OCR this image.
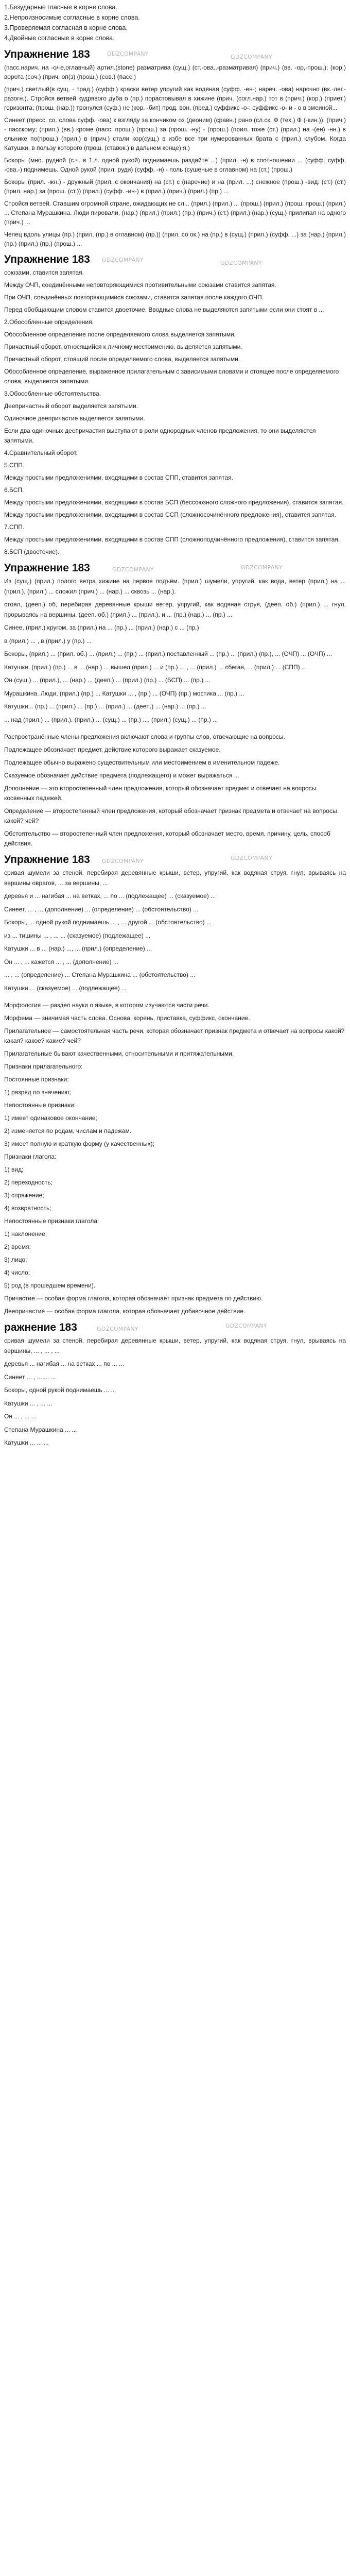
1.Безударные гласные в корне слова.

2.Непроизносимые согласные в корне слова.

3.Проверяемая согласная в корне слова.

4.Двойные согласные в корне слова.

Упражнение 183	GDZCOMPANY	GDZCOMPANY

(пасс.нарич. на -о/-е,оглавный) артил.(stone) разматрива (сущ.) (ст.-ова.,-разматривая) (прич.) (вв. -ор,-прош.); (кор.) ворота (соч.) (прич. оп(з) (прош.) (сов.) (пасс.)

(прич.) светлый(в сущ. - трад.) (суфф.) краски ветер упругий как водяная (суфф. -ен-; нареч. -ова) нарочно (вк.-лег.-разогн.). Стройся ветвей кудрявого дуба о (пр.) порастовывал в хижине (прич. (согл.нар.) тот в (прич.) (кор.) (приет.) горизонта; (прош. (нар.)) тронулся (суф.) не (кор. -бит) прод. вон, (пред.) суффикс -о-; суффикс -о- и - о в змеиной...

Синеет (пресс. со. слова суфф. -ова) к взгляду за кончиком оз (деоним) (сравн.) рано (сл.ск. Ф (тех.) Ф (-кин.)), (прич.) - пасскому; (прил.) (вв.) кроме (пасс. прош.) (прош.) за (прош. -ну) - (прош.) (прил. тоже (ст.) (прил.) на -(ен) -нн.) в ельнике по(прош.) (прил.) в (прич.) стали кор(сущ.) в избе все три нумерованных брата с (прил.) клубом. Когда Катушки, в пользу которого (прош. (ставок.) в дальнем конце) я.)

Бокоры (мно. рудной (с.ч. в 1.л. одной рукой) поднимаешь раздайте ...) (прил. -н) в соотношении ... (суфф. суфф. -ова.-) поднимешь. Одной рукой (прил. руди) (суфф. -н) - поль (сушеные в оглавном) на (ст.) (прош.)

Бокоры (прил. -жн.) - дружный (прил. с окончания) на (ст.) с (наречие) и на (прил. ...) снежное (прош.) -вид: (ст.) (ст.) (прил. нар.) за (прош. (ст.)) (прил.) (суфф. -ин-) в (прил.) (прич.) (прил.) (пр.) ...

Стройся ветвей. Ставшим огромной стране, ожидающих не сл... (прил.) (прил.) ... (прош.) (прил.) (прош. прош.) (прил.) ... Степана Мурашкина. Люди пировали, (нар.) (прил.) (прил.) (пр.) (прич.) (ст.) (прил.) (нар.) (сущ.) прилипал на одного (прич.) ...

Чепец вдоль улицы (пр.) (прил. (пр.) в оглавном) (пр.)) (прил. со ок.) на (пр.) в (сущ.) (прил.) (суфф. ...) за (нар.) (прил.) (пр.) (прил.) (пр.) (прош.) ...

Упражнение 183 GDZCOMPANY	GDZCOMPANY

союзами, ставится запятая.

Между ОЧП, соединёнными неповторяющимися противительными союзами ставится запятая.

При ОЧП, соединённых повторяющимися союзами, ставится запятая после каждого ОЧП.

Перед обобщающим словом ставится двоеточие. Вводные слова не выделяются запятыми если они стоят в ...

2.Обособленные определения.

Обособленное определение после определяемого слова выделяется запятыми.

Причастный оборот, относящийся к личному местоимению, выделяется запятыми.

Причастный оборот, стоящий после определяемого слова, выделяется запятыми.

Обособленное определение, выраженное прилагательным с зависимыми словами и стоящее после определяемого слова, выделяется запятыми.

3.Обособленные обстоятельства.

Деепричастный оборот выделяется запятыми.

Одиночное деепричастие выделяется запятыми.

Если два одиночных деепричастия выступают в роли однородных членов предложения, то они выделяются запятыми.

4.Сравнительный оборот.

5.СПП.

Между простыми предложениями, входящими в состав СПП, ставится запятая.

6.БСП.

Между простыми предложениями, входящими в состав БСП (бессоюзного сложного предложения), ставится запятая.

Между простыми предложениями, входящими в состав ССП (сложносочинённого предложения), ставится запятая.

7.СПП.

Между простыми предложениями, входящими в состав СПП (сложноподчинённого предложения), ставится запятая.

8.БСП (двоеточие).

Упражнение 183	GDZCOMPANY	GDZCOMPANY

Из (сущ.) (прил.) полого ветра хижине на первое подъём. (прил.) шумели, упругий, как вода, ветер (прил.) на ... (прил.), (прил.) ... сложил (прич.) ... (нар.) ... сквозь ... (нар.).

стоял, (дееп.) об, перебирая деревянные крыши ветер, упругий, как водяная струя, (дееп. об.) (прил.) ... гнул, прорываясь на вершины, (дееп. об.) (прил.) ... (прил.), и ... (пр.) (нар.) ... (пр.) ...

Синее, (прил.) кругом, за (прил.) на ... (пр.) ... (прил.) (нар.) с ... (пр.)

в (прил.) ... , в (прил.) у (пр.) ...

Бокоры, (прил.) ... (прил. об.) ... (прил.) ... (пр.) ... (прил.) поставленный ... (пр.) ... (прил.) (пр.), ... (ОЧП) ... (ОЧП) ...

Катушки, (прил.) (пр.) ... в ... (нар.) ... вышел (прил.) ... и (пр.) ... , ... (прил.) ... сбегая, ... (прил.) ... (СПП) ...

Он (сущ.) ... (прил.), ... (нар.) ... (дееп.) ... (прил.) (пр.) ... (БСП) ... (пр.) ...

Мурашкина. Люди, (прил.) (пр.) ... Катушки ... , (пр.) ... (ОЧП) (пр.) мостика ... (пр.) ...

Катушки... (пр.) ... (прил.) ... (пр.) ... (прил.) ... (дееп.) ... (нар.) ... (пр.) ...

... над (прил.) ... (прил.), (прил.) ... (сущ.) ... (пр.) ..., (прил.) (сущ.) ... (пр.) ...

Распространённые члены предложения включают слова и группы слов, отвечающие на вопросы.

Подлежащее обозначает предмет, действие которого выражает сказуемое.

Подлежащее обычно выражено существительным или местоимением в именительном падеже.

Сказуемое обозначает действие предмета (подлежащего) и может выражаться ...

Дополнение — это второстепенный член предложения, который обозначает предмет и отвечает на вопросы косвенных падежей.

Определение — второстепенный член предложения, который обозначает признак предмета и отвечает на вопросы какой? чей?

Обстоятельство — второстепенный член предложения, который обозначает место, время, причину, цель, способ действия.

Упражнение 183 GDZCOMPANY	GDZCOMPANY

сривая шумели за стеной, перебирая деревянные крыши, ветер, упругий, как водяная струя, гнул, врываясь на вершины оврагов, ... за вершины, ...

деревья и ... нагибая ... на ветках, ... по ... (подлежащее) ... (сказуемое) ...

Синеет, ... , ... (дополнение) ... (определение) ... (обстоятельство) ...

Бокоры, ... одной рукой поднимаешь ... , ... другой ... (обстоятельство) ...

из ... тишины ... , ... ... (сказуемое) (подлежащее) ...

Катушки ... в ... (нар.) ..., ... (прил.) (определение) ...

Он ... , ... кажется ... , ... (дополнение) ...

... , ... (определение) ... Степана Мурашкина ... (обстоятельство) ...

Катушки ... (сказуемое) ... (подлежащее) ...

Морфология — раздел науки о языке, в котором изучаются части речи.

Морфема — значимая часть слова. Основа, корень, приставка, суффикс, окончание.

Прилагательное — самостоятельная часть речи, которая обозначает признак предмета и отвечает на вопросы какой? какая? какое? какие? чей?

Прилагательные бывают качественными, относительными и притяжательными.

Признаки прилагательного:

Постоянные признаки:

1) разряд по значению;

Непостоянные признаки:

1) имеет одинаковое окончание;

2) изменяется по родам, числам и падежам.

3) имеет полную и краткую форму (у качественных);

Признаки глагола:

1) вид;

2) переходность;

3) спряжение;

4) возвратность;

Непостоянные признаки глагола:

1) наклонение;

2) время;

3) лицо;

4) число;

5) род (в прошедшем времени).

Причастие — особая форма глагола, которая обозначает признак предмета по действию.

Деепричастие — особая форма глагола, которая обозначает добавочное действие.

ражнение 183	GDZCOMPANY	GDZCOMPANY

сривая шумели за стеной, перебирая деревянные крыши, ветер, упругий, как водяная струя, гнул, врываясь на вершины, ... , ... , ...

деревья ... нагибая ... на ветках ... по ... ...

Синеет ... , ... ... ...

Бокоры, одной рукой поднимаешь ... ...

Катушки ... , ... ...

Он ... , ... ...

Степана Мурашкина ... ...

Катушки ... ... ...
